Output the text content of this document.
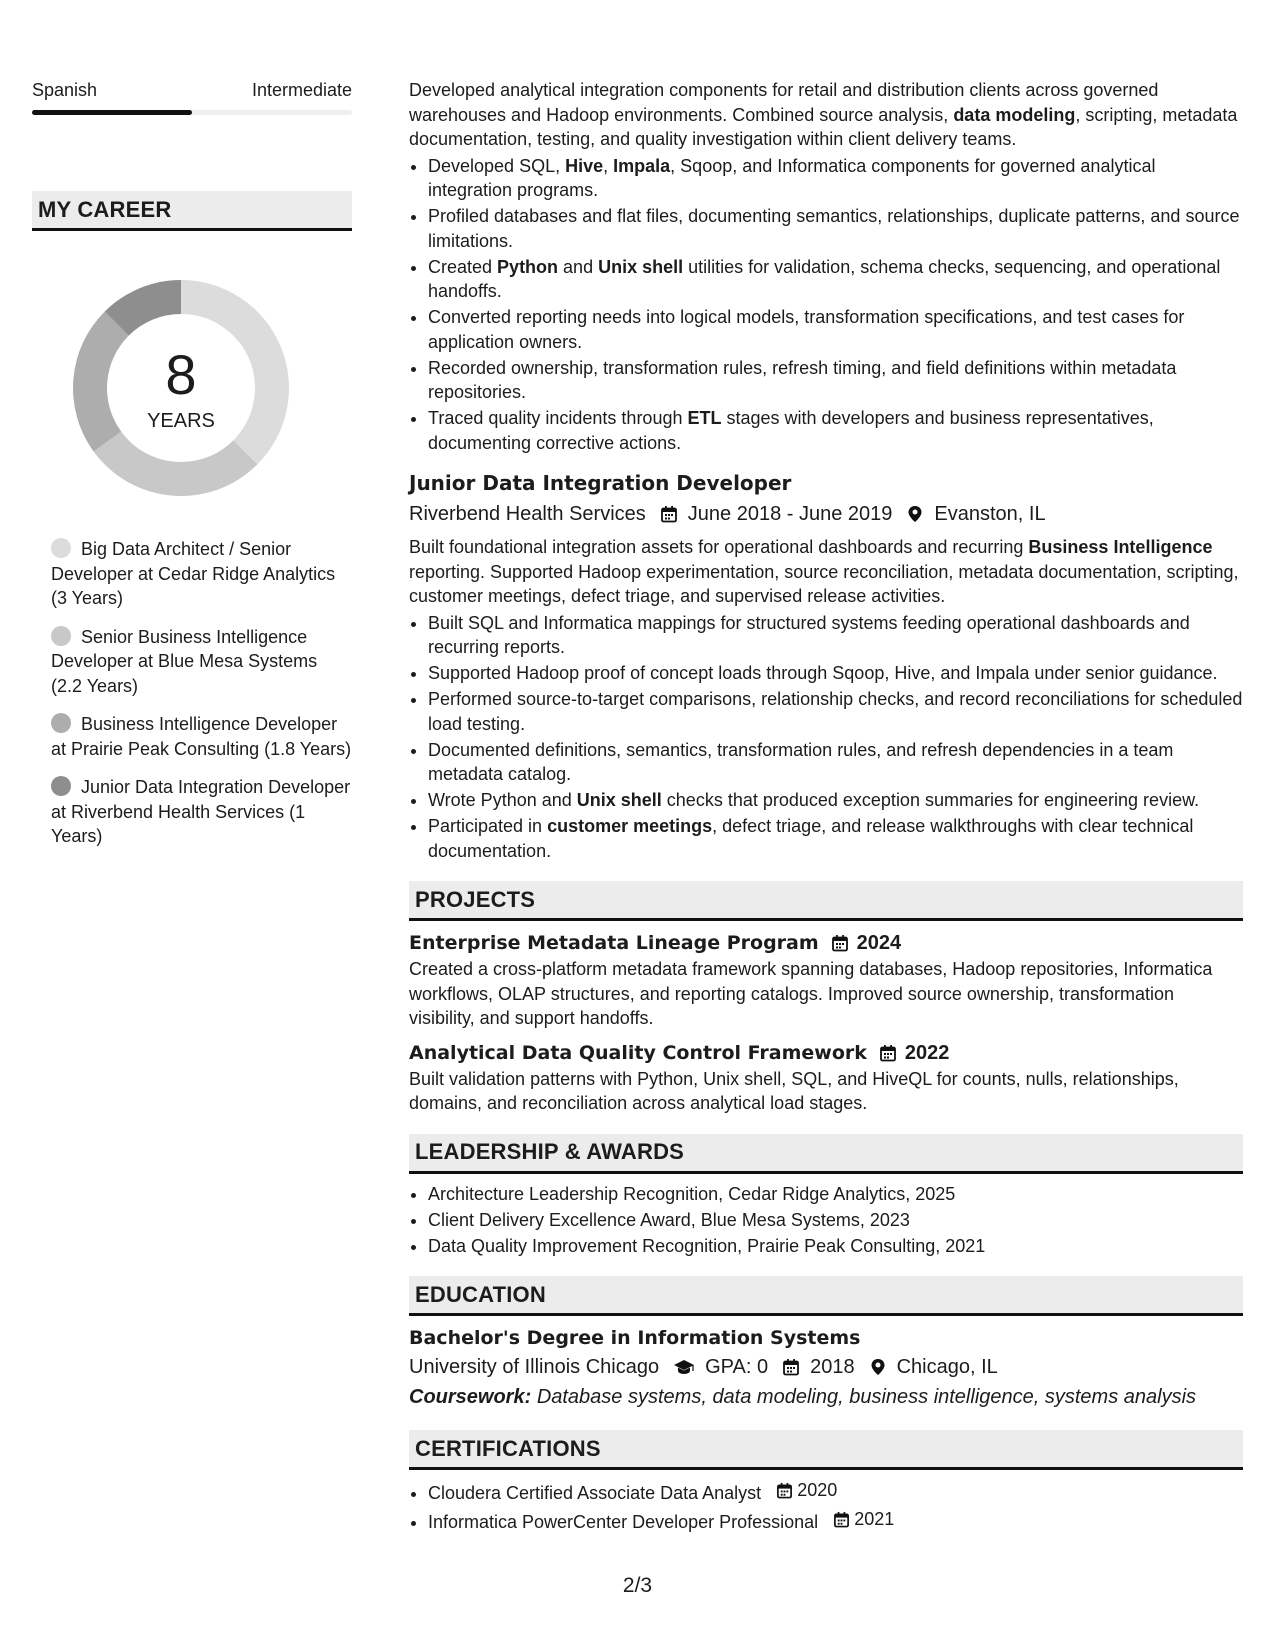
Spanish	Intermediate
MY CAREER
8
YEARS
Big Data Architect / Senior Developer at Cedar Ridge Analytics (3 Years)
Senior Business Intelligence Developer at Blue Mesa Systems (2.2 Years)
Business Intelligence Developer at Prairie Peak Consulting (1.8 Years)
Junior Data Integration Developer at Riverbend Health Services (1 Years)

Developed analytical integration components for retail and distribution clients across governed warehouses and Hadoop environments. Combined source analysis, data modeling, scripting, metadata documentation, testing, and quality investigation within client delivery teams.

• Developed SQL, Hive, Impala, Sqoop, and Informatica components for governed analytical integration programs.
• Profiled databases and flat files, documenting semantics, relationships, duplicate patterns, and source limitations.
• Created Python and Unix shell utilities for validation, schema checks, sequencing, and operational handoffs.
• Converted reporting needs into logical models, transformation specifications, and test cases for application owners.
• Recorded ownership, transformation rules, refresh timing, and field definitions within metadata repositories.
• Traced quality incidents through ETL stages with developers and business representatives, documenting corrective actions.
Junior Data Integration Developer
Riverbend Health Services June 2018 - June 2019 Evanston, IL

Built foundational integration assets for operational dashboards and recurring Business Intelligence reporting. Supported Hadoop experimentation, source reconciliation, metadata documentation, scripting, customer meetings, defect triage, and supervised release activities.

• Built SQL and Informatica mappings for structured systems feeding operational dashboards and recurring reports.
• Supported Hadoop proof of concept loads through Sqoop, Hive, and Impala under senior guidance.
• Performed source-to-target comparisons, relationship checks, and record reconciliations for scheduled load testing.
• Documented definitions, semantics, transformation rules, and refresh dependencies in a team metadata catalog.
• Wrote Python and Unix shell checks that produced exception summaries for engineering review.
• Participated in customer meetings, defect triage, and release walkthroughs with clear technical documentation.
PROJECTS
Enterprise Metadata Lineage Program 2024

Created a cross-platform metadata framework spanning databases, Hadoop repositories, Informatica workflows, OLAP structures, and reporting catalogs. Improved source ownership, transformation visibility, and support handoffs.

Analytical Data Quality Control Framework 2022

Built validation patterns with Python, Unix shell, SQL, and HiveQL for counts, nulls, relationships, domains, and reconciliation across analytical load stages.

LEADERSHIP & AWARDS
• Architecture Leadership Recognition, Cedar Ridge Analytics, 2025
• Client Delivery Excellence Award, Blue Mesa Systems, 2023
• Data Quality Improvement Recognition, Prairie Peak Consulting, 2021
EDUCATION
Bachelor's Degree in Information Systems
University of Illinois Chicago GPA: 0 2018 Chicago, IL
Coursework: Database systems, data modeling, business intelligence, systems analysis
CERTIFICATIONS
• Cloudera Certified Associate Data Analyst 2020
• Informatica PowerCenter Developer Professional 2021
2/3
